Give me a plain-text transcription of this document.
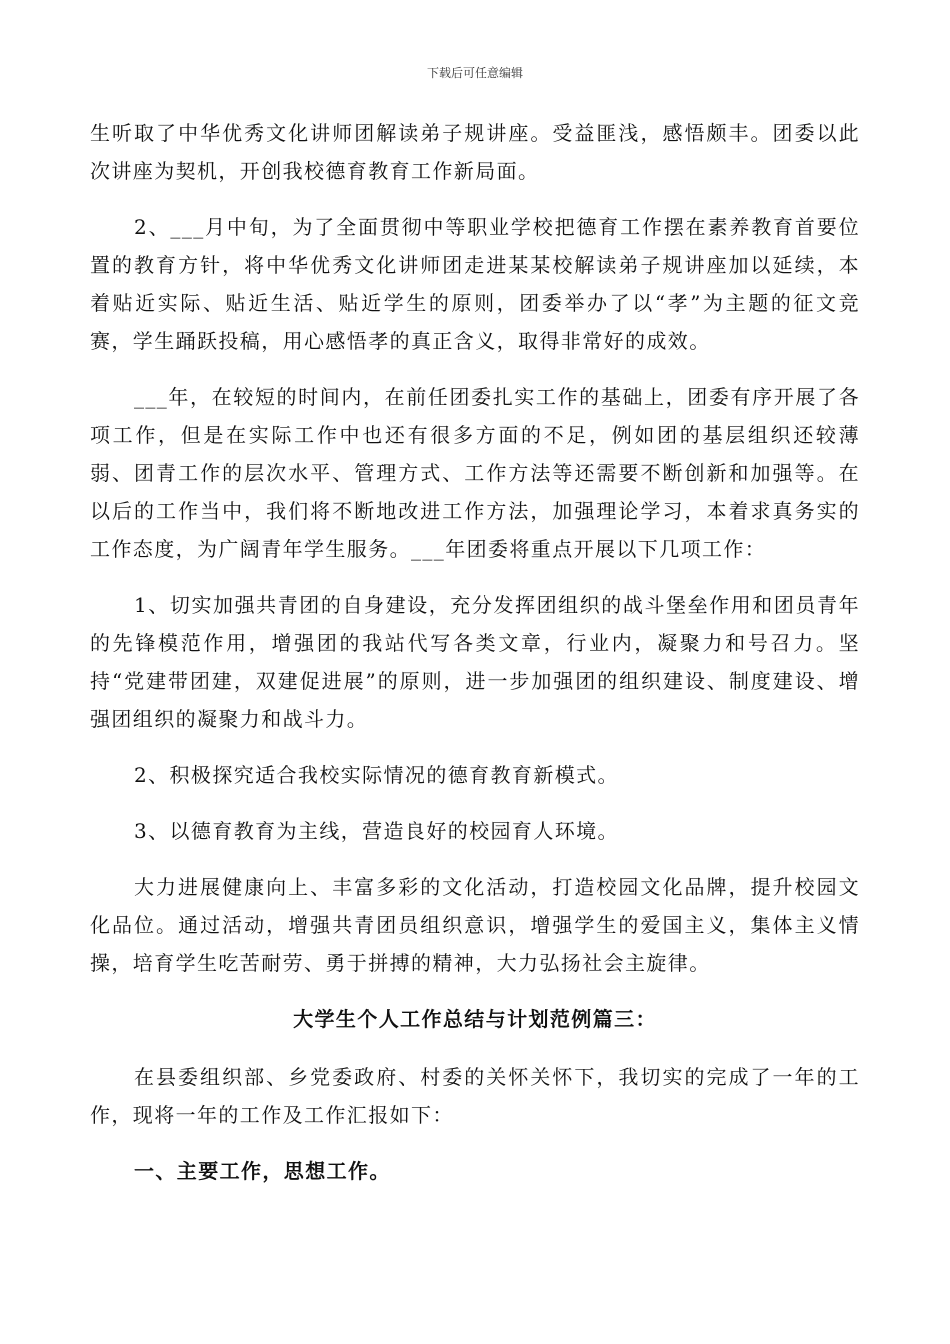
下载后可任意编辑

生听取了中华优秀文化讲师团解读弟子规讲座。受益匪浅，感悟颇丰。团委以此次讲座为契机，开创我校德育教育工作新局面。

2、___月中旬，为了全面贯彻中等职业学校把德育工作摆在素养教育首要位置的教育方针，将中华优秀文化讲师团走进某某校解读弟子规讲座加以延续，本着贴近实际、贴近生活、贴近学生的原则，团委举办了以“孝”为主题的征文竞赛，学生踊跃投稿，用心感悟孝的真正含义，取得非常好的成效。

___年，在较短的时间内，在前任团委扎实工作的基础上，团委有序开展了各项工作，但是在实际工作中也还有很多方面的不足，例如团的基层组织还较薄弱、团青工作的层次水平、管理方式、工作方法等还需要不断创新和加强等。在以后的工作当中，我们将不断地改进工作方法，加强理论学习，本着求真务实的工作态度，为广阔青年学生服务。___年团委将重点开展以下几项工作：

1、切实加强共青团的自身建设，充分发挥团组织的战斗堡垒作用和团员青年的先锋模范作用，增强团的我站代写各类文章，行业内，凝聚力和号召力。坚持“党建带团建，双建促进展”的原则，进一步加强团的组织建设、制度建设、增强团组织的凝聚力和战斗力。

2、积极探究适合我校实际情况的德育教育新模式。

3、以德育教育为主线，营造良好的校园育人环境。

大力进展健康向上、丰富多彩的文化活动，打造校园文化品牌，提升校园文化品位。通过活动，增强共青团员组织意识，增强学生的爱国主义，集体主义情操，培育学生吃苦耐劳、勇于拼搏的精神，大力弘扬社会主旋律。

大学生个人工作总结与计划范例篇三：

在县委组织部、乡党委政府、村委的关怀关怀下，我切实的完成了一年的工作，现将一年的工作及工作汇报如下：

一、主要工作，思想工作。
